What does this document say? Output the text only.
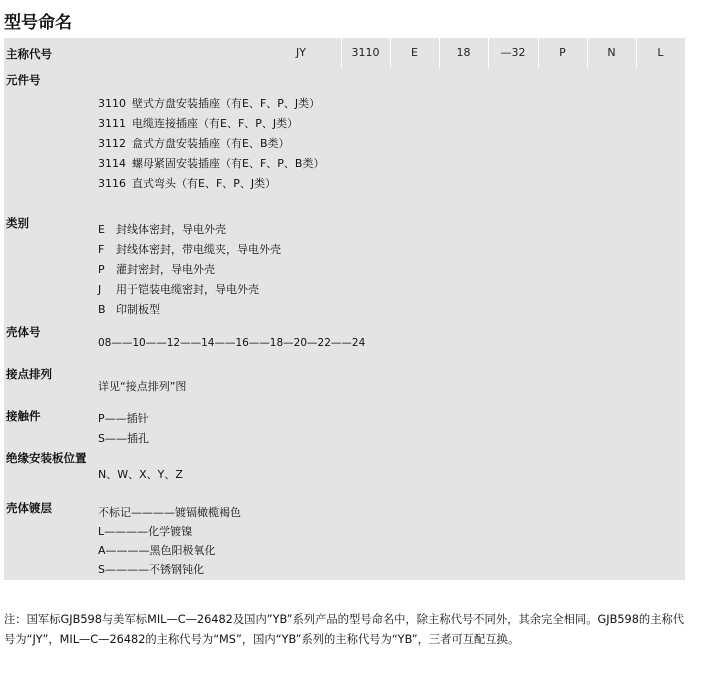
型号命名
主称代号	JY	3110	E	18	—32	P	N	L
元件号
3110 壁式方盘安装插座（有E、F、P、J类）
3111 电缆连接插座（有E、F、P、J类）
3112 盒式方盘安装插座（有E、B类）
3114 螺母紧固安装插座（有E、F、P、B类）
3116 直式弯头（有E、F、P、J类）
类别	E 封线体密封，导电外壳
F 封线体密封，带电缆夹，导电外壳
P 灌封密封，导电外壳
J 用于铠装电缆密封，导电外壳
B 印制板型
壳体号
08——10——12——14——16——18—20—22——24
接点排列
详见“接点排列”图
接触件	P——插针
S——插孔
绝缘安装板位置
N、W、X、Y、Z
壳体镀层	不标记————镀镉橄榄褐色
L————化学镀镍
A————黑色阳极氧化
S————不锈钢钝化
注：国军标GJB598与美军标MIL—C—26482及国内”YB”系列产品的型号命名中，除主称代号不同外，其余完全相同。GJB598的主称代号为“JY”，MIL—C—26482的主称代号为“MS”，国内“YB”系列的主称代号为“YB”，三者可互配互换。
